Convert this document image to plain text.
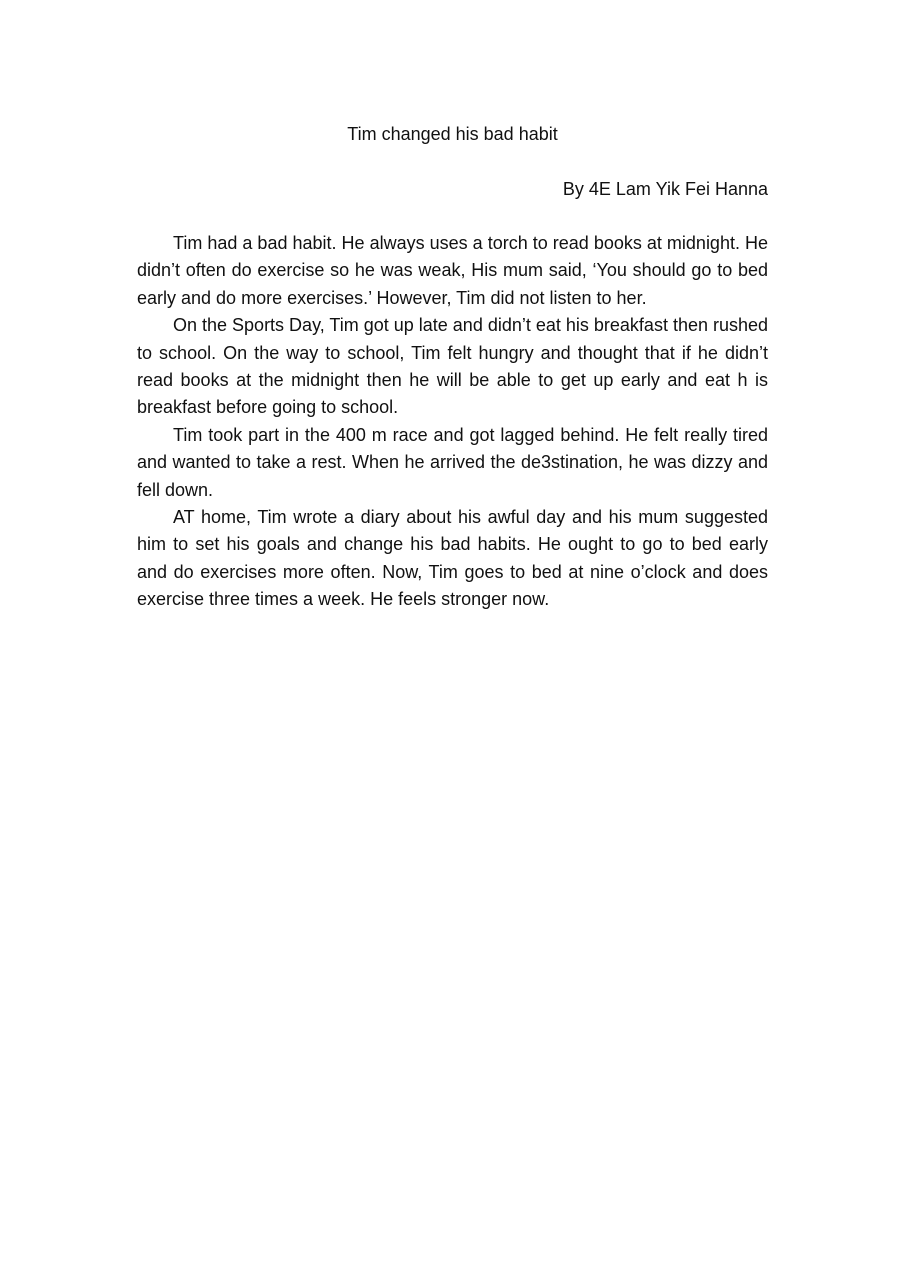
Tim changed his bad habit
By 4E Lam Yik Fei Hanna

Tim had a bad habit. He always uses a torch to read books at midnight. He didn’t often do exercise so he was weak, His mum said, ‘You should go to bed early and do more exercises.’ However, Tim did not listen to her.

On the Sports Day, Tim got up late and didn’t eat his breakfast then rushed to school. On the way to school, Tim felt hungry and thought that if he didn’t read books at the midnight then he will be able to get up early and eat h is breakfast before going to school.

Tim took part in the 400 m race and got lagged behind. He felt really tired and wanted to take a rest. When he arrived the de3stination, he was dizzy and fell down.

AT home, Tim wrote a diary about his awful day and his mum suggested him to set his goals and change his bad habits. He ought to go to bed early and do exercises more often. Now, Tim goes to bed at nine o’clock and does exercise three times a week. He feels stronger now.
